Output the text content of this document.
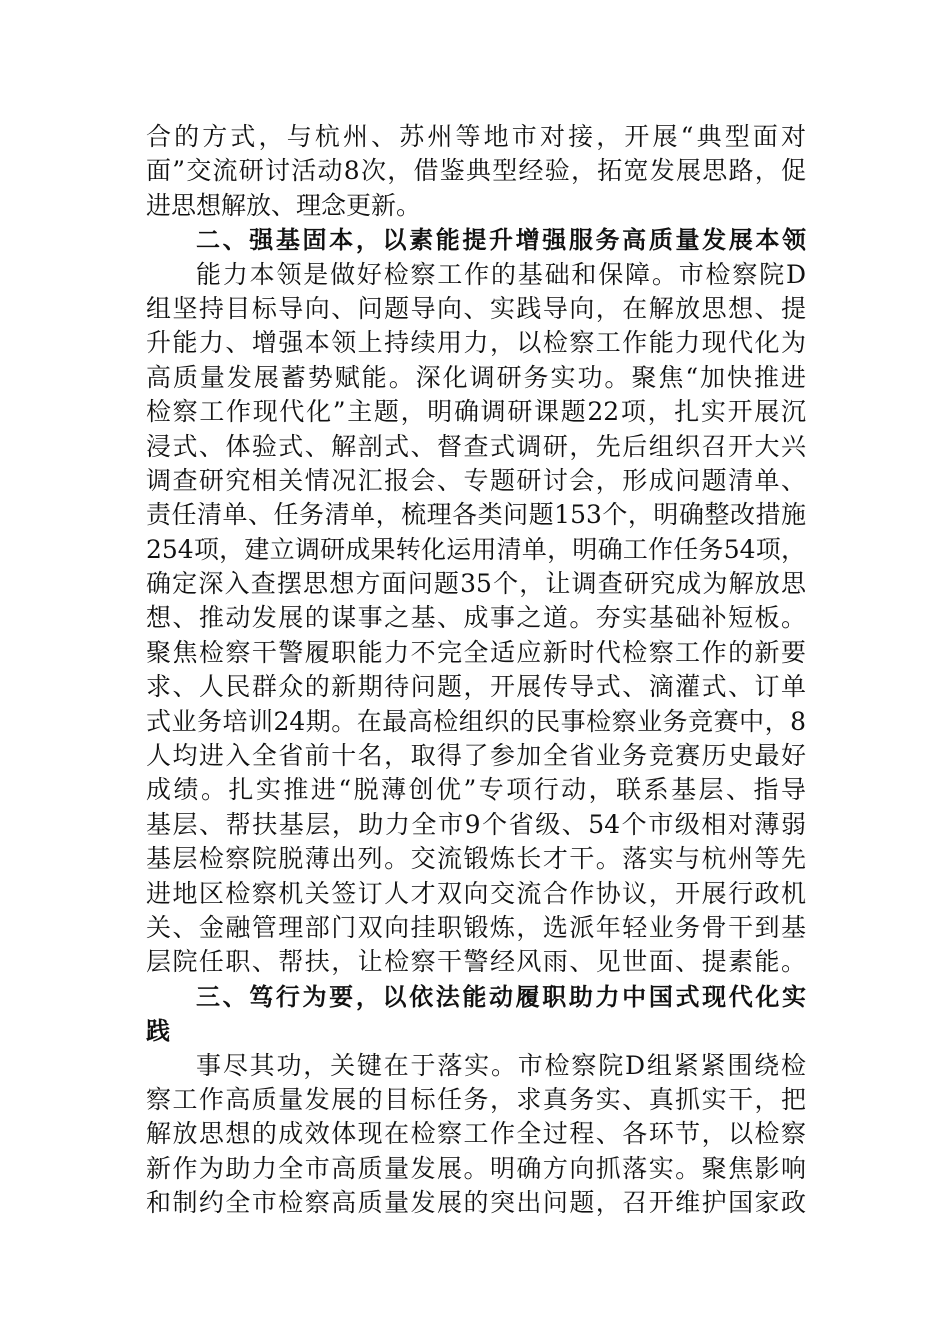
合的方式，与杭州、苏州等地市对接，开展“典型面对
面”交流研讨活动8次，借鉴典型经验，拓宽发展思路，促
进思想解放、理念更新。
二、强基固本，以素能提升增强服务高质量发展本领
能力本领是做好检察工作的基础和保障。市检察院D
组坚持目标导向、问题导向、实践导向，在解放思想、提
升能力、增强本领上持续用力，以检察工作能力现代化为
高质量发展蓄势赋能。深化调研务实功。聚焦“加快推进
检察工作现代化”主题，明确调研课题22项，扎实开展沉
浸式、体验式、解剖式、督查式调研，先后组织召开大兴
调查研究相关情况汇报会、专题研讨会，形成问题清单、
责任清单、任务清单，梳理各类问题153个，明确整改措施
254项，建立调研成果转化运用清单，明确工作任务54项，
确定深入查摆思想方面问题35个，让调查研究成为解放思
想、推动发展的谋事之基、成事之道。夯实基础补短板。
聚焦检察干警履职能力不完全适应新时代检察工作的新要
求、人民群众的新期待问题，开展传导式、滴灌式、订单
式业务培训24期。在最高检组织的民事检察业务竞赛中，8
人均进入全省前十名，取得了参加全省业务竞赛历史最好
成绩。扎实推进“脱薄创优”专项行动，联系基层、指导
基层、帮扶基层，助力全市9个省级、54个市级相对薄弱
基层检察院脱薄出列。交流锻炼长才干。落实与杭州等先
进地区检察机关签订人才双向交流合作协议，开展行政机
关、金融管理部门双向挂职锻炼，选派年轻业务骨干到基
层院任职、帮扶，让检察干警经风雨、见世面、提素能。
三、笃行为要，以依法能动履职助力中国式现代化实
践
事尽其功，关键在于落实。市检察院D组紧紧围绕检
察工作高质量发展的目标任务，求真务实、真抓实干，把
解放思想的成效体现在检察工作全过程、各环节，以检察
新作为助力全市高质量发展。明确方向抓落实。聚焦影响
和制约全市检察高质量发展的突出问题，召开维护国家政
